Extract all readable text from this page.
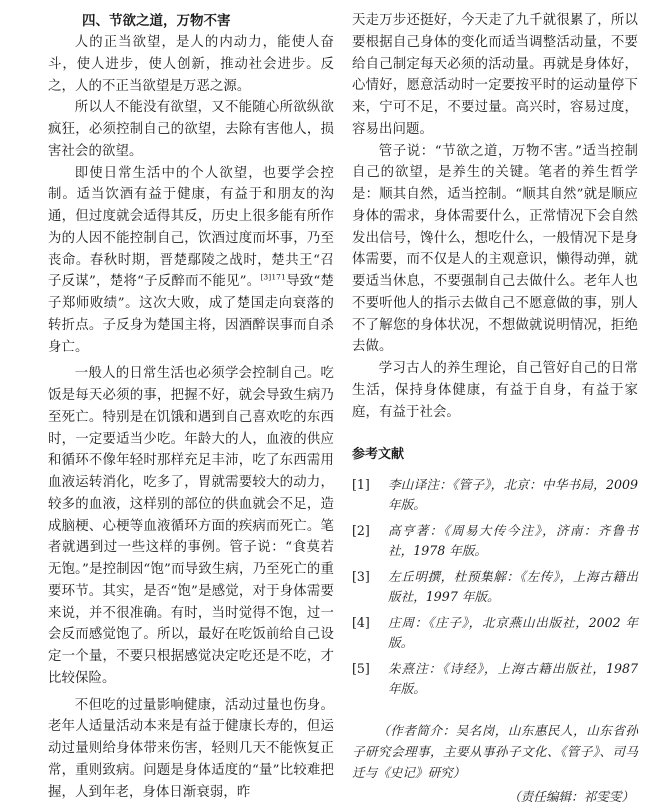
四、节欲之道，万物不害

人的正当欲望，是人的内动力，能使人奋斗，使人进步，使人创新，推动社会进步。反之，人的不正当欲望是万恶之源。

所以人不能没有欲望，又不能随心所欲纵欲疯狂，必须控制自己的欲望，去除有害他人，损害社会的欲望。

即使日常生活中的个人欲望，也要学会控制。适当饮酒有益于健康，有益于和朋友的沟通，但过度就会适得其反，历史上很多能有所作为的人因不能控制自己，饮酒过度而坏事，乃至丧命。春秋时期，晋楚鄢陵之战时，楚共王“召子反谋”，楚将“子反醉而不能见”。$^{[3]171}$导致“楚子郑师败绩”。这次大败，成了楚国走向衰落的转折点。子反身为楚国主将，因酒醉误事而自杀身亡。

一般人的日常生活也必须学会控制自己。吃饭是每天必须的事，把握不好，就会导致生病乃至死亡。特别是在饥饿和遇到自己喜欢吃的东西时，一定要适当少吃。年龄大的人，血液的供应和循环不像年轻时那样充足丰沛，吃了东西需用血液运转消化，吃多了，胃就需要较大的动力，较多的血液，这样别的部位的供血就会不足，造成脑梗、心梗等血液循环方面的疾病而死亡。笔者就遇到过一些这样的事例。管子说：“食莫若无饱。”是控制因“饱”而导致生病，乃至死亡的重要环节。其实，是否“饱”是感觉，对于身体需要来说，并不很准确。有时，当时觉得不饱，过一会反而感觉饱了。所以，最好在吃饭前给自己设定一个量，不要只根据感觉决定吃还是不吃，才比较保险。

不但吃的过量影响健康，活动过量也伤身。老年人适量活动本来是有益于健康长寿的，但运动过量则给身体带来伤害，轻则几天不能恢复正常，重则致病。问题是身体适度的“量”比较难把握，人到年老，身体日渐衰弱，昨

天走万步还挺好，今天走了九千就很累了，所以要根据自己身体的变化而适当调整活动量，不要给自己制定每天必须的活动量。再就是身体好，心情好，愿意活动时一定要按平时的运动量停下来，宁可不足，不要过量。高兴时，容易过度，容易出问题。

管子说：“节欲之道，万物不害。”适当控制自己的欲望，是养生的关键。笔者的养生哲学是：顺其自然，适当控制。“顺其自然”就是顺应身体的需求，身体需要什么，正常情况下会自然发出信号，馋什么，想吃什么，一般情况下是身体需要，而不仅是人的主观意识，懒得动弹，就要适当休息，不要强制自己去做什么。老年人也不要听他人的指示去做自己不愿意做的事，别人不了解您的身体状况，不想做就说明情况，拒绝去做。

学习古人的养生理论，自己管好自己的日常生活，保持身体健康，有益于自身，有益于家庭，有益于社会。

参考文献
[1]	李山译注：《管子》，北京：中华书局，2009 年版。
[2]	高亨著：《周易大传今注》，济南：齐鲁书社，1978 年版。
[3]	左丘明撰，杜预集解：《左传》，上海古籍出版社，1997 年版。
[4]	庄周：《庄子》，北京燕山出版社，2002 年版。
[5]	朱熹注：《诗经》，上海古籍出版社，1987 年版。
（作者简介：吴名岗，山东惠民人，山东省孙子研究会理事，主要从事孙子文化、《管子》、司马迁与《史记》研究）
（责任编辑：祁雯雯）
